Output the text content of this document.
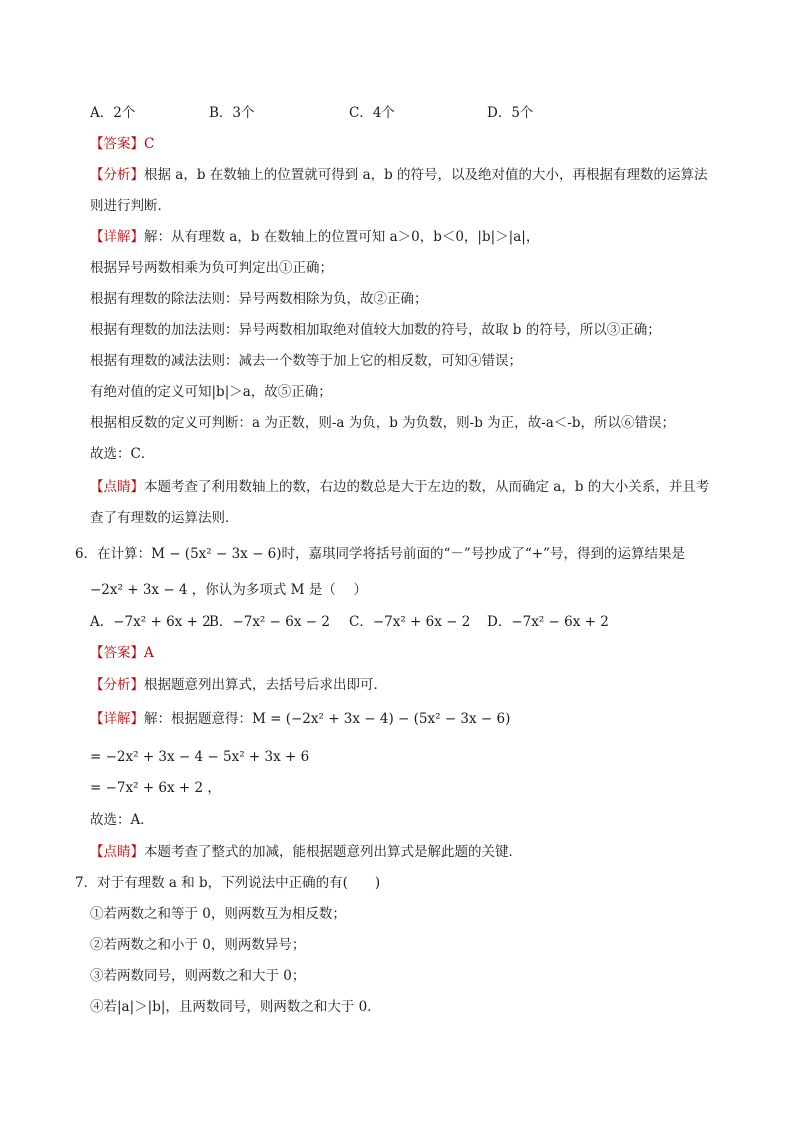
A．2个	B．3个	C．4个	D．5个
【答案】C
【分析】根据 a，b 在数轴上的位置就可得到 a，b 的符号，以及绝对值的大小，再根据有理数的运算法
则进行判断．
【详解】解：从有理数 a，b 在数轴上的位置可知 a＞0，b＜0，|b|＞|a|，
根据异号两数相乘为负可判定出①正确；
根据有理数的除法法则：异号两数相除为负，故②正确；
根据有理数的加法法则：异号两数相加取绝对值较大加数的符号，故取 b 的符号，所以③正确；
根据有理数的减法法则：减去一个数等于加上它的相反数，可知④错误；
有绝对值的定义可知|b|＞a，故⑤正确；
根据相反数的定义可判断：a 为正数，则-a 为负，b 为负数，则-b 为正，故-a＜-b，所以⑥错误；
故选：C．
【点睛】本题考查了利用数轴上的数，右边的数总是大于左边的数，从而确定 a，b 的大小关系，并且考
查了有理数的运算法则．
6．在计算：M − (5x² − 3x − 6)时，嘉琪同学将括号前面的“－”号抄成了“+”号，得到的运算结果是
−2x² + 3x − 4 ，你认为多项式 M 是（　 ）
A．−7x² + 6x + 2
B．−7x² − 6x − 2 C．−7x² + 6x − 2 D．−7x² − 6x + 2
【答案】A
【分析】根据题意列出算式，去括号后求出即可．
【详解】解：根据题意得：M = (−2x² + 3x − 4) − (5x² − 3x − 6)
= −2x² + 3x − 4 − 5x² + 3x + 6
= −7x² + 6x + 2 ，
故选：A．
【点睛】本题考查了整式的加减，能根据题意列出算式是解此题的关键．
7．对于有理数 a 和 b，下列说法中正确的有(　　)
①若两数之和等于 0，则两数互为相反数；
②若两数之和小于 0，则两数异号；
③若两数同号，则两数之和大于 0；
④若|a|＞|b|，且两数同号，则两数之和大于 0．
